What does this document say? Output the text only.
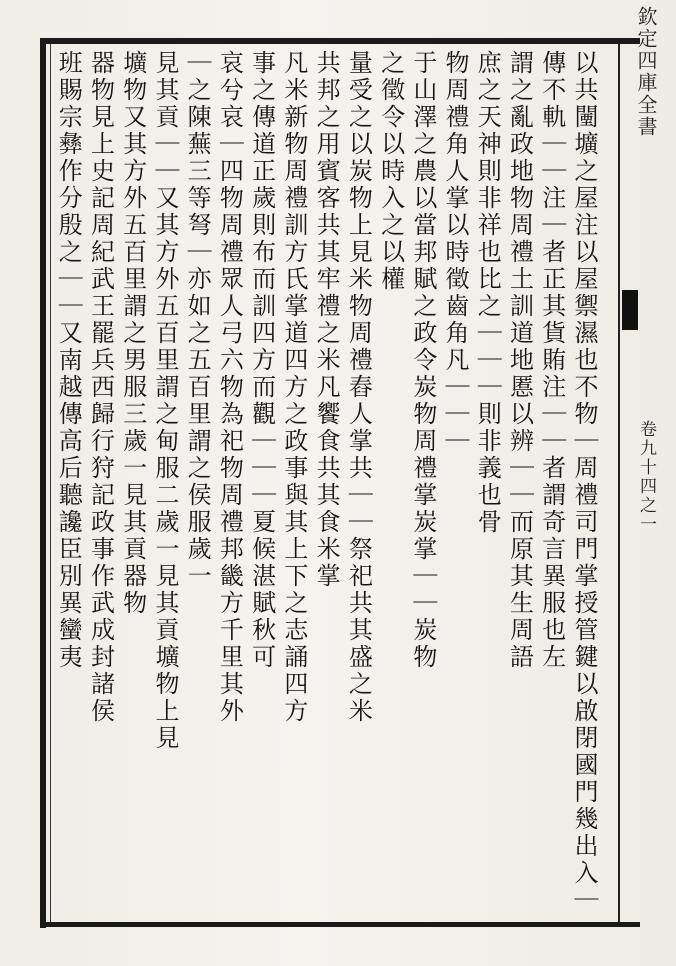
欽定四庫全書
卷九十四之一
以共闉壙之屋注以屋禦濕也不物｜周禮司門掌授管鍵以啟閉國門幾出入｜
傳不軌｜｜注｜者正其貨賄注｜｜者謂奇言異服也左
謂之亂政地物周禮土訓道地慝以辨｜｜而原其生周語
庶之天神則非祥也比之｜｜｜則非義也骨
物周禮角人掌以時徵齒角凡｜｜｜
于山澤之農以當邦賦之政令炭物周禮掌炭掌｜｜炭物
之徵令以時入之以權
量受之以炭物上見米物周禮舂人掌共｜｜祭祀共其盛之米
共邦之用賓客共其牢禮之米凡饗食共其食米掌
凡米新物周禮訓方氏掌道四方之政事與其上下之志誦四方
事之傳道正歲則布而訓四方而觀｜｜｜夏候湛賦秋可
哀兮哀｜四物周禮眾人弓六物為祀物周禮邦畿方千里其外
｜之陳蕪三等弩｜亦如之五百里謂之侯服歲一
見其貢｜｜又其方外五百里謂之甸服二歲一見其貢壙物上見
壙物又其方外五百里謂之男服三歲一見其貢器物
器物見上史記周紀武王罷兵西歸行狩記政事作武成封諸侯
班賜宗彝作分殷之｜｜又南越傳高后聽讒臣別異蠻夷
